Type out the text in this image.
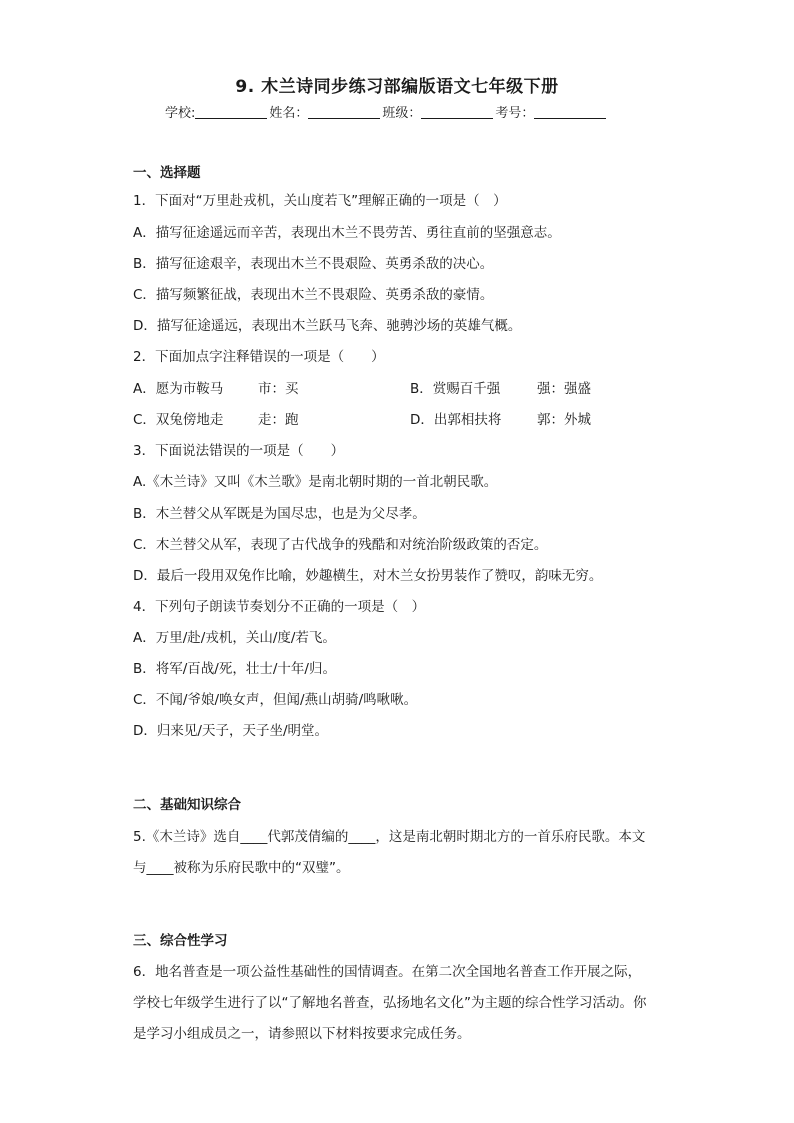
9. 木兰诗同步练习部编版语文七年级下册
学校:	姓名：	班级：	考号：
一、选择题
1．下面对“万里赴戎机，关山度若飞”理解正确的一项是（　）
A．描写征途遥远而辛苦，表现出木兰不畏劳苦、勇往直前的坚强意志。
B．描写征途艰辛，表现出木兰不畏艰险、英勇杀敌的决心。
C．描写频繁征战，表现出木兰不畏艰险、英勇杀敌的豪情。
D．描写征途遥远，表现出木兰跃马飞奔、驰骋沙场的英雄气概。
2．下面加点字注释错误的一项是（　　）
A．愿为市鞍马	市：买	B．赏赐百千强	强：强盛
C．双兔傍地走	走：跑	D．出郭相扶将	郭：外城
3．下面说法错误的一项是（　　）
A.《木兰诗》又叫《木兰歌》是南北朝时期的一首北朝民歌。
B．木兰替父从军既是为国尽忠，也是为父尽孝。
C．木兰替父从军，表现了古代战争的残酷和对统治阶级政策的否定。
D．最后一段用双兔作比喻，妙趣横生，对木兰女扮男装作了赞叹，韵味无穷。
4．下列句子朗读节奏划分不正确的一项是（　）
A．万里/赴/戎机，关山/度/若飞。
B．将军/百战/死，壮士/十年/归。
C．不闻/爷娘/唤女声，但闻/燕山胡骑/鸣啾啾。
D．归来见/天子，天子坐/明堂。
二、基础知识综合
5.《木兰诗》选自____代郭茂倩编的____，这是南北朝时期北方的一首乐府民歌。本文
与____被称为乐府民歌中的“双璧”。
三、综合性学习
6．地名普查是一项公益性基础性的国情调查。在第二次全国地名普查工作开展之际，
学校七年级学生进行了以“了解地名普查，弘扬地名文化”为主题的综合性学习活动。你
是学习小组成员之一，请参照以下材料按要求完成任务。
